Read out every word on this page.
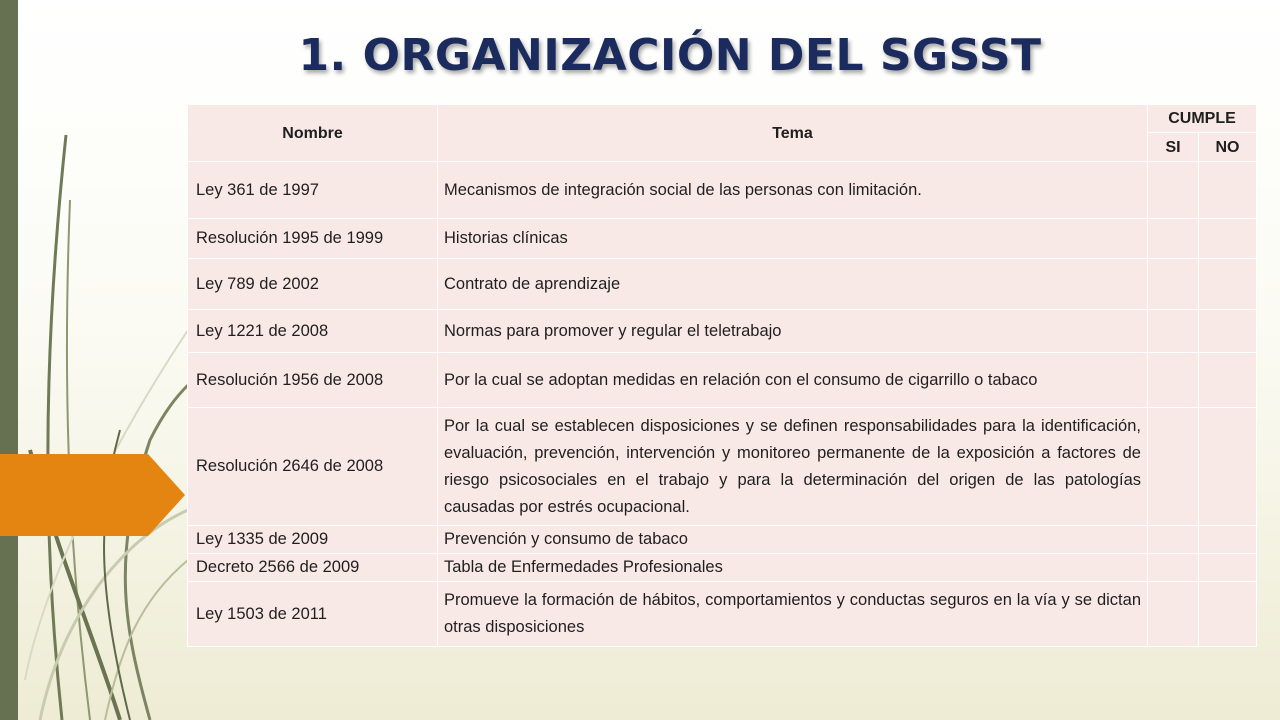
1. ORGANIZACIÓN DEL SGSST
Nombre	Tema	CUMPLE	
		SI	NO
Ley 361 de 1997	Mecanismos de integración social de las personas con limitación.		
Resolución 1995 de 1999	Historias clínicas		
Ley 789 de 2002	Contrato de aprendizaje		
Ley 1221 de 2008	Normas para promover y regular el teletrabajo		
Resolución 1956 de 2008	Por la cual se adoptan medidas en relación con el consumo de cigarrillo o tabaco		
Resolución 2646 de 2008	Por la cual se establecen disposiciones y se definen responsabilidades para la identificación, evaluación, prevención, intervención y monitoreo permanente de la exposición a factores de riesgo psicosociales en el trabajo y para la determinación del origen de las patologías causadas por estrés ocupacional.		
Ley 1335 de 2009	Prevención y consumo de tabaco		
Decreto 2566 de 2009	Tabla de Enfermedades Profesionales		
Ley 1503 de 2011	Promueve la formación de hábitos, comportamientos y conductas seguros en la vía y se dictan otras disposiciones		
